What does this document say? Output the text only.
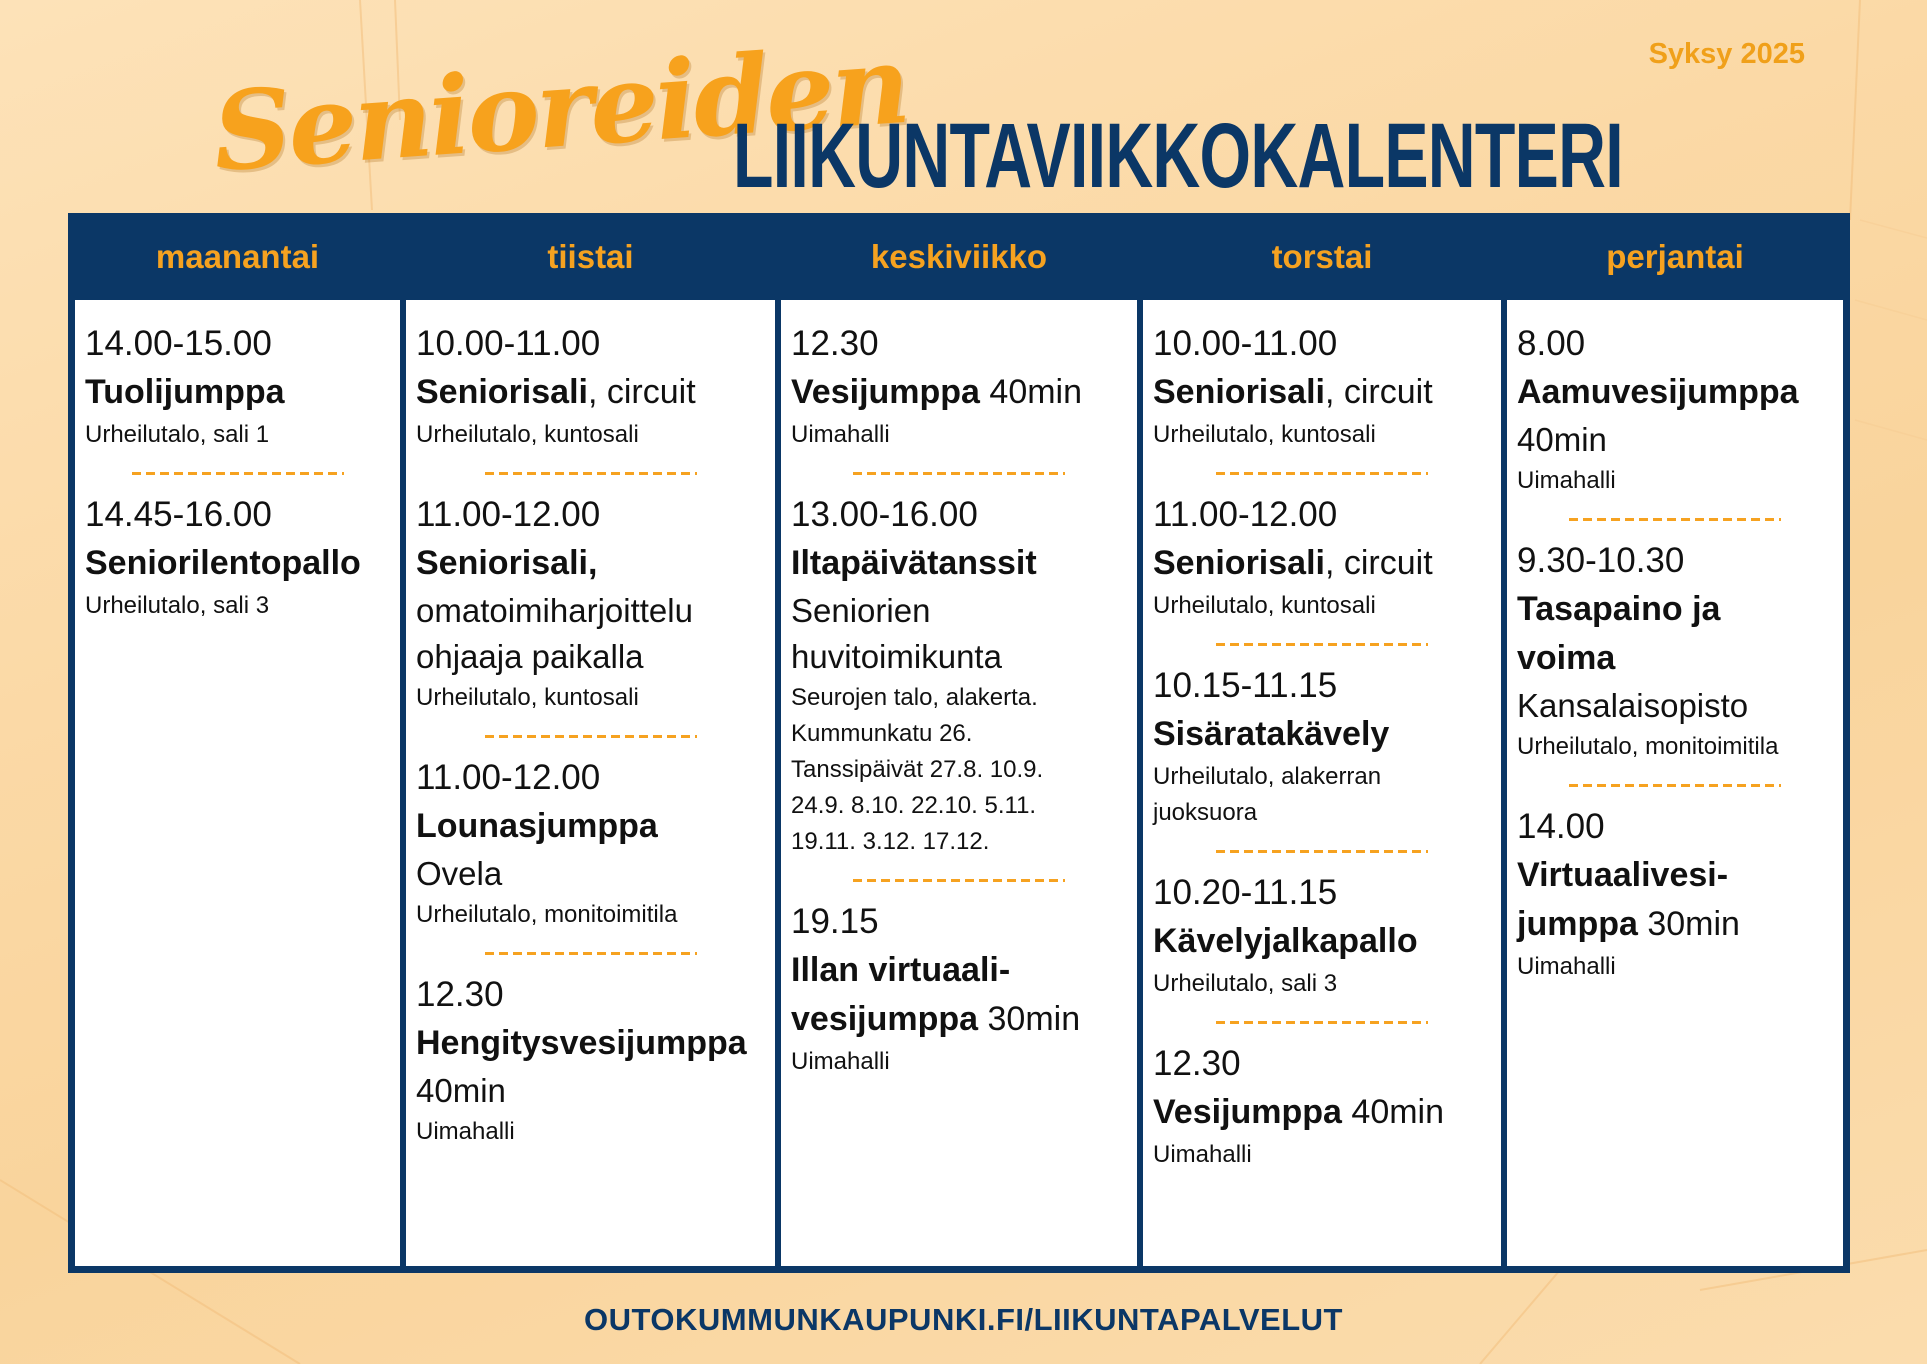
Syksy 2025
Senioreiden
LIIKUNTAVIIKKOKALENTERI
maanantai
14.00-15.00
Tuolijumppa
Urheilutalo, sali 1
14.45-16.00
Seniorilentopallo
Urheilutalo, sali 3
tiistai
10.00-11.00
Seniorisali, circuit
Urheilutalo, kuntosali
11.00-12.00
Seniorisali,
omatoimiharjoittelu
ohjaaja paikalla
Urheilutalo, kuntosali
11.00-12.00
Lounasjumppa
Ovela
Urheilutalo, monitoimitila
12.30
Hengitysvesijumppa
40min
Uimahalli
keskiviikko
12.30
Vesijumppa 40min
Uimahalli
13.00-16.00
Iltapäivätanssit
Seniorien
huvitoimikunta
Seurojen talo, alakerta.
Kummunkatu 26.
Tanssipäivät 27.8. 10.9.
24.9. 8.10. 22.10. 5.11.
19.11. 3.12. 17.12.
19.15
Illan virtuaali-
vesijumppa 30min
Uimahalli
torstai
10.00-11.00
Seniorisali, circuit
Urheilutalo, kuntosali
11.00-12.00
Seniorisali, circuit
Urheilutalo, kuntosali
10.15-11.15
Sisäratakävely
Urheilutalo, alakerran
juoksuora
10.20-11.15
Kävelyjalkapallo
Urheilutalo, sali 3
12.30
Vesijumppa 40min
Uimahalli
perjantai
8.00
Aamuvesijumppa
40min
Uimahalli
9.30-10.30
Tasapaino ja
voima
Kansalaisopisto
Urheilutalo, monitoimitila
14.00
Virtuaalivesi-
jumppa 30min
Uimahalli
OUTOKUMMUNKAUPUNKI.FI/LIIKUNTAPALVELUT
